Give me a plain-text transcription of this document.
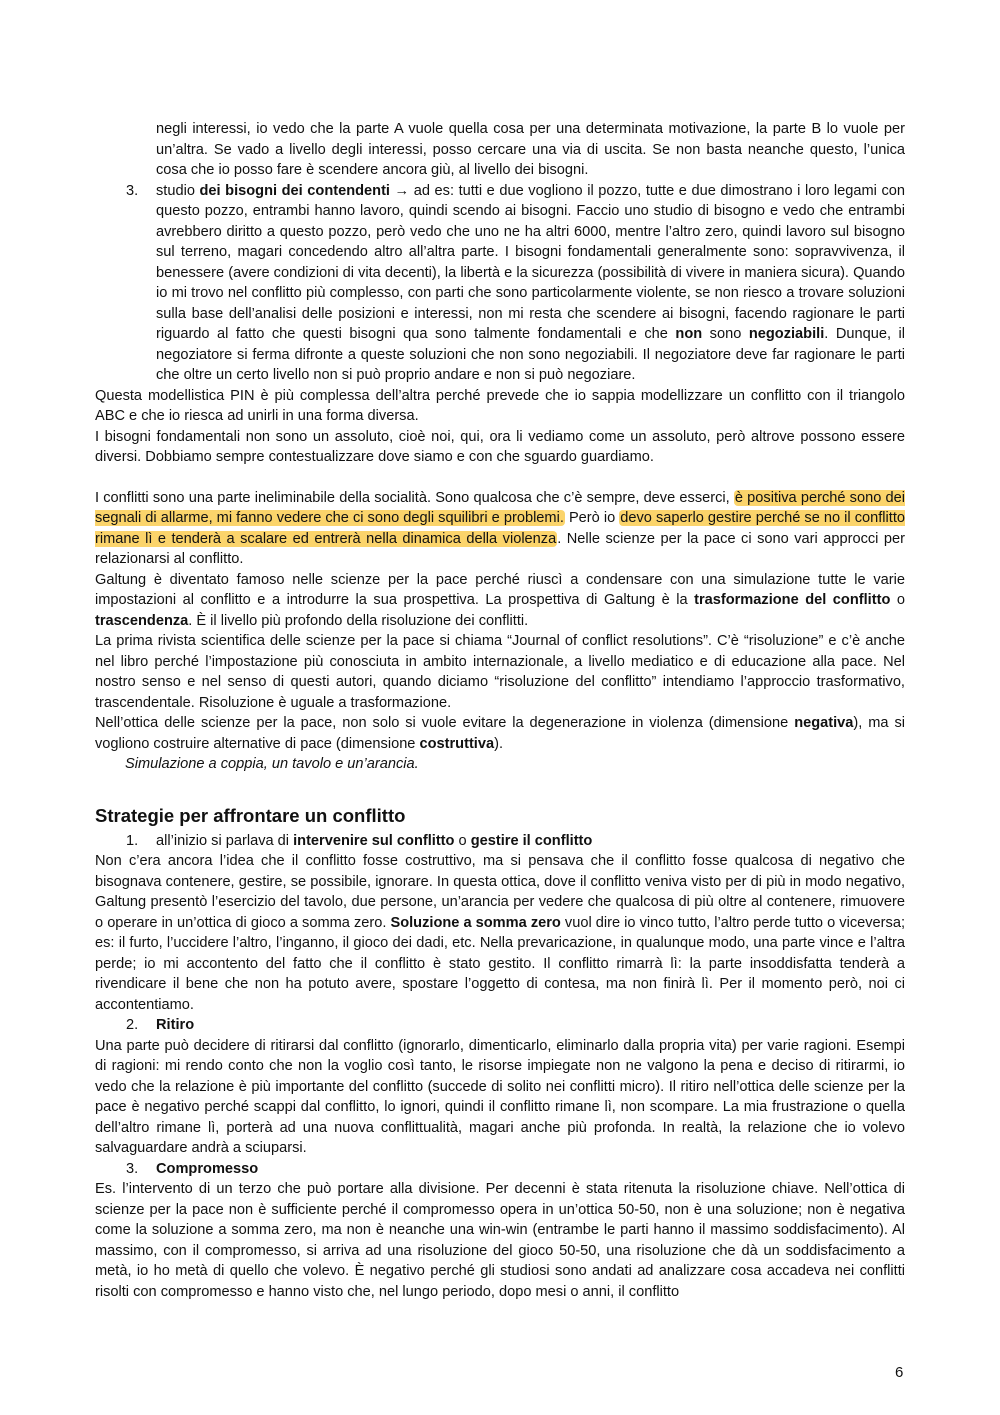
negli interessi, io vedo che la parte A vuole quella cosa per una determinata motivazione, la parte B lo vuole per un’altra. Se vado a livello degli interessi, posso cercare una via di uscita. Se non basta neanche questo, l’unica cosa che io posso fare è scendere ancora giù, al livello dei bisogni.

3. studio dei bisogni dei contendenti → ad es: tutti e due vogliono il pozzo, tutte e due dimostrano i loro legami con questo pozzo, entrambi hanno lavoro, quindi scendo ai bisogni. Faccio uno studio di bisogno e vedo che entrambi avrebbero diritto a questo pozzo, però vedo che uno ne ha altri 6000, mentre l’altro zero, quindi lavoro sul bisogno sul terreno, magari concedendo altro all’altra parte. I bisogni fondamentali generalmente sono: sopravvivenza, il benessere (avere condizioni di vita decenti), la libertà e la sicurezza (possibilità di vivere in maniera sicura). Quando io mi trovo nel conflitto più complesso, con parti che sono particolarmente violente, se non riesco a trovare soluzioni sulla base dell’analisi delle posizioni e interessi, non mi resta che scendere ai bisogni, facendo ragionare le parti riguardo al fatto che questi bisogni qua sono talmente fondamentali e che non sono negoziabili. Dunque, il negoziatore si ferma difronte a queste soluzioni che non sono negoziabili. Il negoziatore deve far ragionare le parti che oltre un certo livello non si può proprio andare e non si può negoziare.

Questa modellistica PIN è più complessa dell’altra perché prevede che io sappia modellizzare un conflitto con il triangolo ABC e che io riesca ad unirli in una forma diversa.

I bisogni fondamentali non sono un assoluto, cioè noi, qui, ora li vediamo come un assoluto, però altrove possono essere diversi. Dobbiamo sempre contestualizzare dove siamo e con che sguardo guardiamo.

I conflitti sono una parte ineliminabile della socialità. Sono qualcosa che c’è sempre, deve esserci, è positiva perché sono dei segnali di allarme, mi fanno vedere che ci sono degli squilibri e problemi. Però io devo saperlo gestire perché se no il conflitto rimane lì e tenderà a scalare ed entrerà nella dinamica della violenza. Nelle scienze per la pace ci sono vari approcci per relazionarsi al conflitto.

Galtung è diventato famoso nelle scienze per la pace perché riuscì a condensare con una simulazione tutte le varie impostazioni al conflitto e a introdurre la sua prospettiva. La prospettiva di Galtung è la trasformazione del conflitto o trascendenza. È il livello più profondo della risoluzione dei conflitti.

La prima rivista scientifica delle scienze per la pace si chiama “Journal of conflict resolutions”. C’è “risoluzione” e c’è anche nel libro perché l’impostazione più conosciuta in ambito internazionale, a livello mediatico e di educazione alla pace. Nel nostro senso e nel senso di questi autori, quando diciamo “risoluzione del conflitto” intendiamo l’approccio trasformativo, trascendentale. Risoluzione è uguale a trasformazione.

Nell’ottica delle scienze per la pace, non solo si vuole evitare la degenerazione in violenza (dimensione negativa), ma si vogliono costruire alternative di pace (dimensione costruttiva).

Simulazione a coppia, un tavolo e un’arancia.

Strategie per affrontare un conflitto
1. all’inizio si parlava di intervenire sul conflitto o gestire il conflitto

Non c’era ancora l’idea che il conflitto fosse costruttivo, ma si pensava che il conflitto fosse qualcosa di negativo che bisognava contenere, gestire, se possibile, ignorare. In questa ottica, dove il conflitto veniva visto per di più in modo negativo, Galtung presentò l’esercizio del tavolo, due persone, un’arancia per vedere che qualcosa di più oltre al contenere, rimuovere o operare in un’ottica di gioco a somma zero. Soluzione a somma zero vuol dire io vinco tutto, l’altro perde tutto o viceversa; es: il furto, l’uccidere l’altro, l’inganno, il gioco dei dadi, etc. Nella prevaricazione, in qualunque modo, una parte vince e l’altra perde; io mi accontento del fatto che il conflitto è stato gestito. Il conflitto rimarrà lì: la parte insoddisfatta tenderà a rivendicare il bene che non ha potuto avere, spostare l’oggetto di contesa, ma non finirà lì. Per il momento però, noi ci accontentiamo.

2. Ritiro

Una parte può decidere di ritirarsi dal conflitto (ignorarlo, dimenticarlo, eliminarlo dalla propria vita) per varie ragioni. Esempi di ragioni: mi rendo conto che non la voglio così tanto, le risorse impiegate non ne valgono la pena e deciso di ritirarmi, io vedo che la relazione è più importante del conflitto (succede di solito nei conflitti micro). Il ritiro nell’ottica delle scienze per la pace è negativo perché scappi dal conflitto, lo ignori, quindi il conflitto rimane lì, non scompare. La mia frustrazione o quella dell’altro rimane lì, porterà ad una nuova conflittualità, magari anche più profonda. In realtà, la relazione che io volevo salvaguardare andrà a sciuparsi.

3. Compromesso

Es. l’intervento di un terzo che può portare alla divisione. Per decenni è stata ritenuta la risoluzione chiave. Nell’ottica di scienze per la pace non è sufficiente perché il compromesso opera in un’ottica 50-50, non è una soluzione; non è negativa come la soluzione a somma zero, ma non è neanche una win-win (entrambe le parti hanno il massimo soddisfacimento). Al massimo, con il compromesso, si arriva ad una risoluzione del gioco 50-50, una risoluzione che dà un soddisfacimento a metà, io ho metà di quello che volevo. È negativo perché gli studiosi sono andati ad analizzare cosa accadeva nei conflitti risolti con compromesso e hanno visto che, nel lungo periodo, dopo mesi o anni, il conflitto

6
